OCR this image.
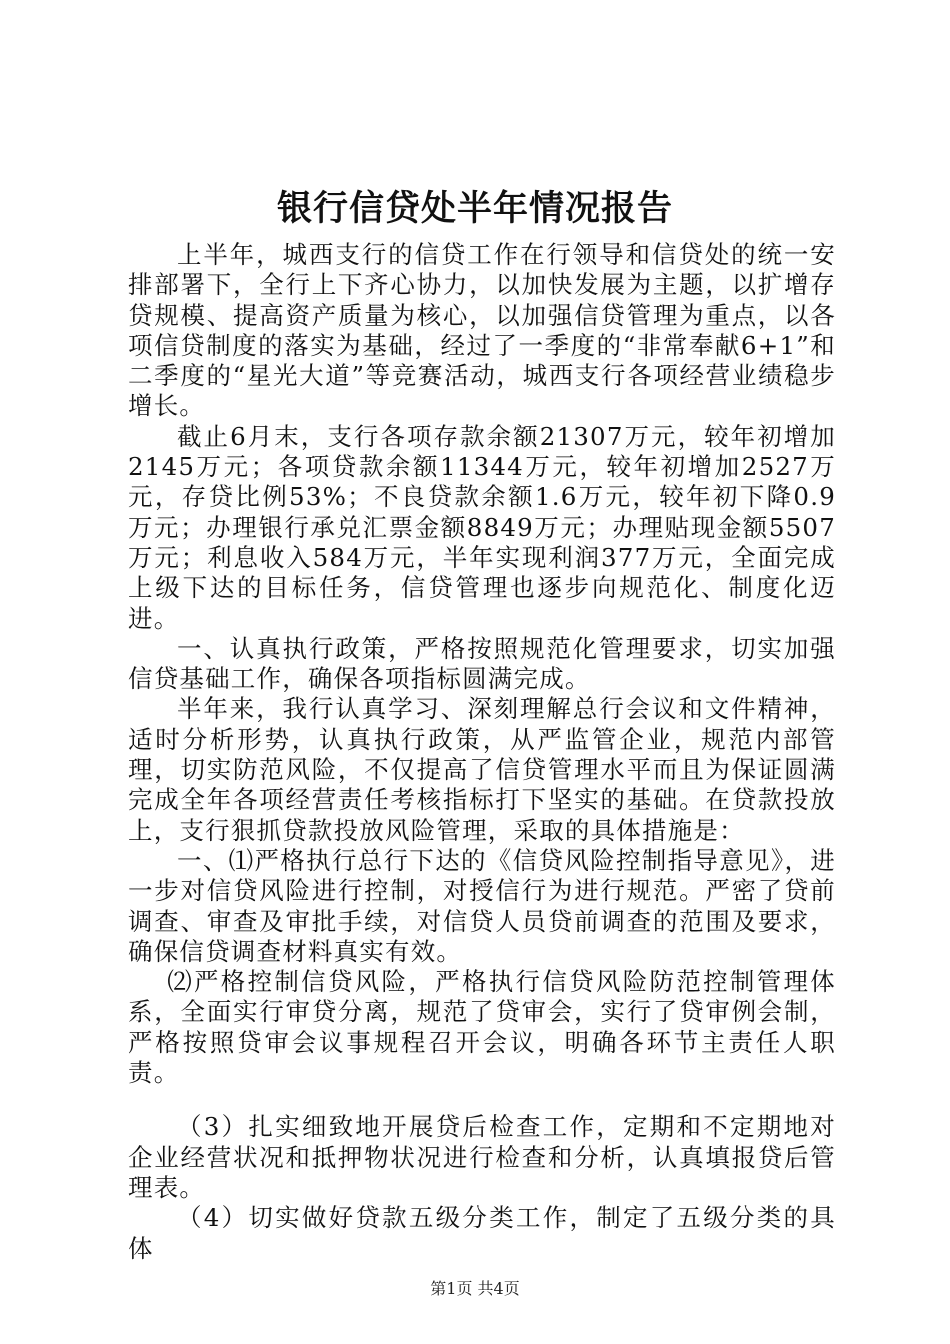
银行信贷处半年情况报告

上半年，城西支行的信贷工作在行领导和信贷处的统一安排部署下，全行上下齐心协力，以加快发展为主题，以扩增存贷规模、提高资产质量为核心，以加强信贷管理为重点，以各项信贷制度的落实为基础，经过了一季度的“非常奉献6+1”和二季度的“星光大道”等竞赛活动，城西支行各项经营业绩稳步增长。

截止6月末，支行各项存款余额21307万元，较年初增加2145万元；各项贷款余额11344万元，较年初增加2527万元，存贷比例53%；不良贷款余额1.6万元，较年初下降0.9万元；办理银行承兑汇票金额8849万元；办理贴现金额5507万元；利息收入584万元，半年实现利润377万元，全面完成上级下达的目标任务，信贷管理也逐步向规范化、制度化迈进。

一、认真执行政策，严格按照规范化管理要求，切实加强信贷基础工作，确保各项指标圆满完成。

半年来，我行认真学习、深刻理解总行会议和文件精神，适时分析形势，认真执行政策，从严监管企业，规范内部管理，切实防范风险，不仅提高了信贷管理水平而且为保证圆满完成全年各项经营责任考核指标打下坚实的基础。在贷款投放上，支行狠抓贷款投放风险管理，采取的具体措施是：

一、⑴严格执行总行下达的《信贷风险控制指导意见》，进一步对信贷风险进行控制，对授信行为进行规范。严密了贷前调查、审查及审批手续，对信贷人员贷前调查的范围及要求，确保信贷调查材料真实有效。

⑵严格控制信贷风险，严格执行信贷风险防范控制管理体系，全面实行审贷分离，规范了贷审会，实行了贷审例会制，严格按照贷审会议事规程召开会议，明确各环节主责任人职责。

（3）扎实细致地开展贷后检查工作，定期和不定期地对企业经营状况和抵押物状况进行检查和分析，认真填报贷后管理表。

（4）切实做好贷款五级分类工作，制定了五级分类的具体

第1页 共4页
